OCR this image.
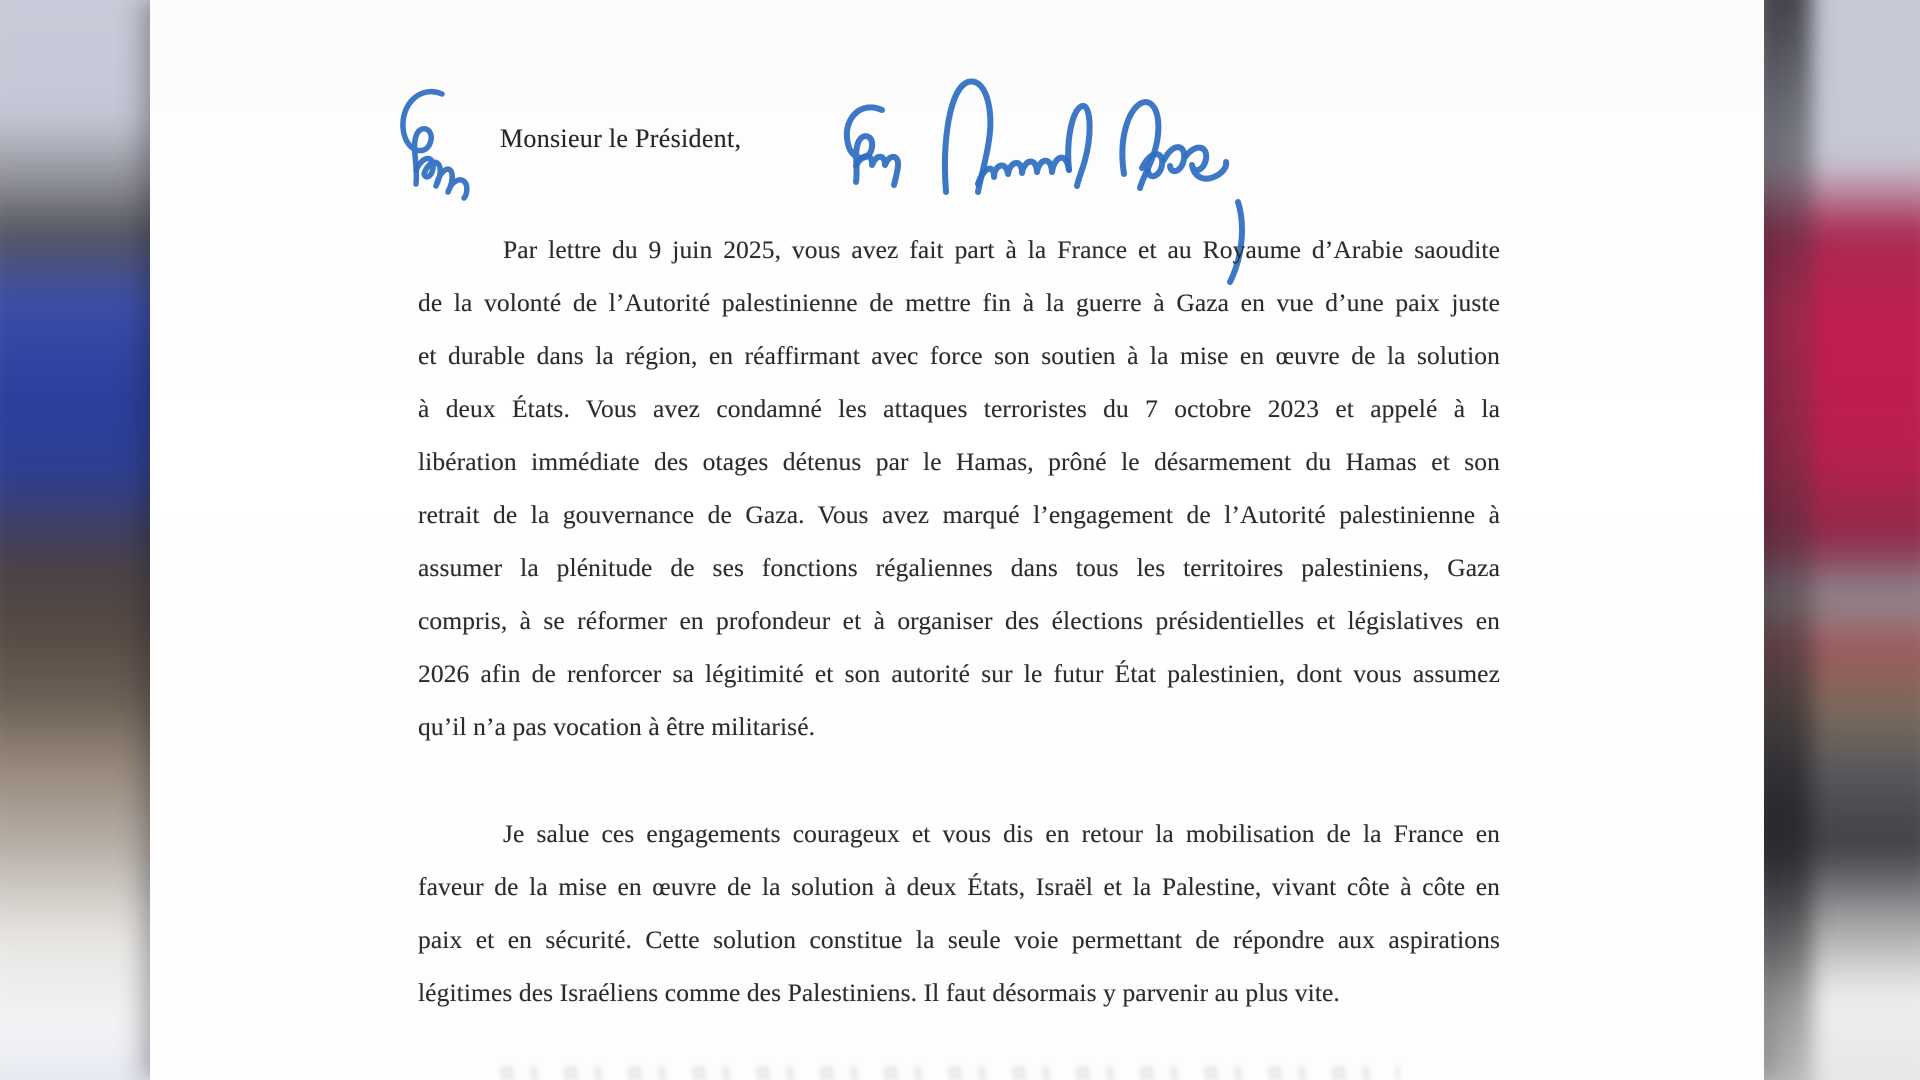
Monsieur le Président,
Par lettre du 9 juin 2025, vous avez fait part à la France et au Royaume d’Arabie saoudite
de la volonté de l’Autorité palestinienne de mettre fin à la guerre à Gaza en vue d’une paix juste
et durable dans la région, en réaffirmant avec force son soutien à la mise en œuvre de la solution
à deux États. Vous avez condamné les attaques terroristes du 7 octobre 2023 et appelé à la
libération immédiate des otages détenus par le Hamas, prôné le désarmement du Hamas et son
retrait de la gouvernance de Gaza. Vous avez marqué l’engagement de l’Autorité palestinienne à
assumer la plénitude de ses fonctions régaliennes dans tous les territoires palestiniens, Gaza
compris, à se réformer en profondeur et à organiser des élections présidentielles et législatives en
2026 afin de renforcer sa légitimité et son autorité sur le futur État palestinien, dont vous assumez
qu’il n’a pas vocation à être militarisé.
Je salue ces engagements courageux et vous dis en retour la mobilisation de la France en
faveur de la mise en œuvre de la solution à deux États, Israël et la Palestine, vivant côte à côte en
paix et en sécurité. Cette solution constitue la seule voie permettant de répondre aux aspirations
légitimes des Israéliens comme des Palestiniens. Il faut désormais y parvenir au plus vite.
